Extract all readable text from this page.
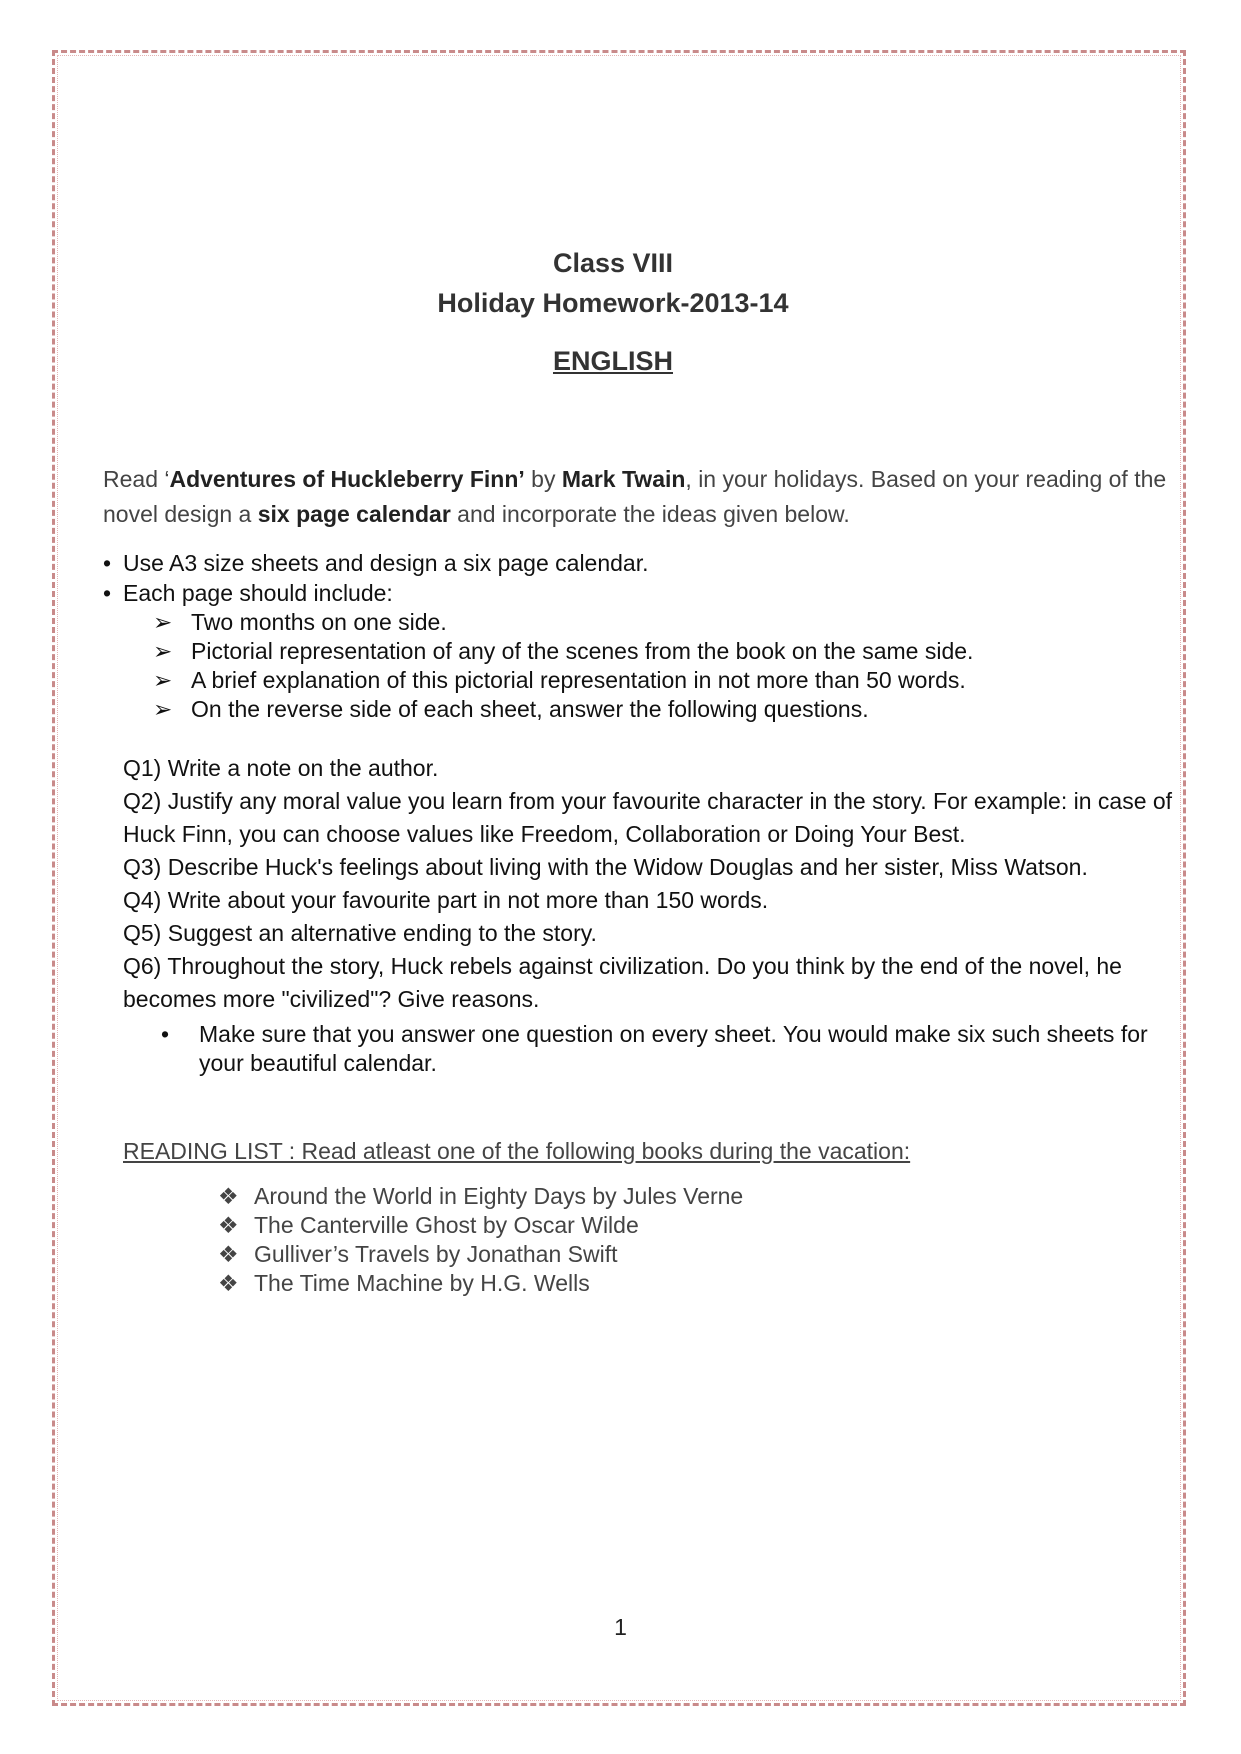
Class VIII
Holiday Homework-2013-14
ENGLISH
Read ‘Adventures of Huckleberry Finn’ by Mark Twain, in your holidays. Based on your reading of the novel design a six page calendar and incorporate the ideas given below.
• Use A3 size sheets and design a six page calendar.
• Each page should include:
➢ Two months on one side.
➢ Pictorial representation of any of the scenes from the book on the same side.
➢ A brief explanation of this pictorial representation in not more than 50 words.
➢ On the reverse side of each sheet, answer the following questions.
Q1) Write a note on the author.
Q2) Justify any moral value you learn from your favourite character in the story. For example: in case of Huck Finn, you can choose values like Freedom, Collaboration or Doing Your Best.
Q3) Describe Huck's feelings about living with the Widow Douglas and her sister, Miss Watson.
Q4) Write about your favourite part in not more than 150 words.
Q5) Suggest an alternative ending to the story.
Q6) Throughout the story, Huck rebels against civilization. Do you think by the end of the novel, he becomes more "civilized"? Give reasons.
•	Make sure that you answer one question on every sheet. You would make six such sheets for your beautiful calendar.
READING LIST : Read atleast one of the following books during the vacation:
❖ Around the World in Eighty Days by Jules Verne
❖ The Canterville Ghost by Oscar Wilde
❖ Gulliver’s Travels by Jonathan Swift
❖ The Time Machine by H.G. Wells
1
